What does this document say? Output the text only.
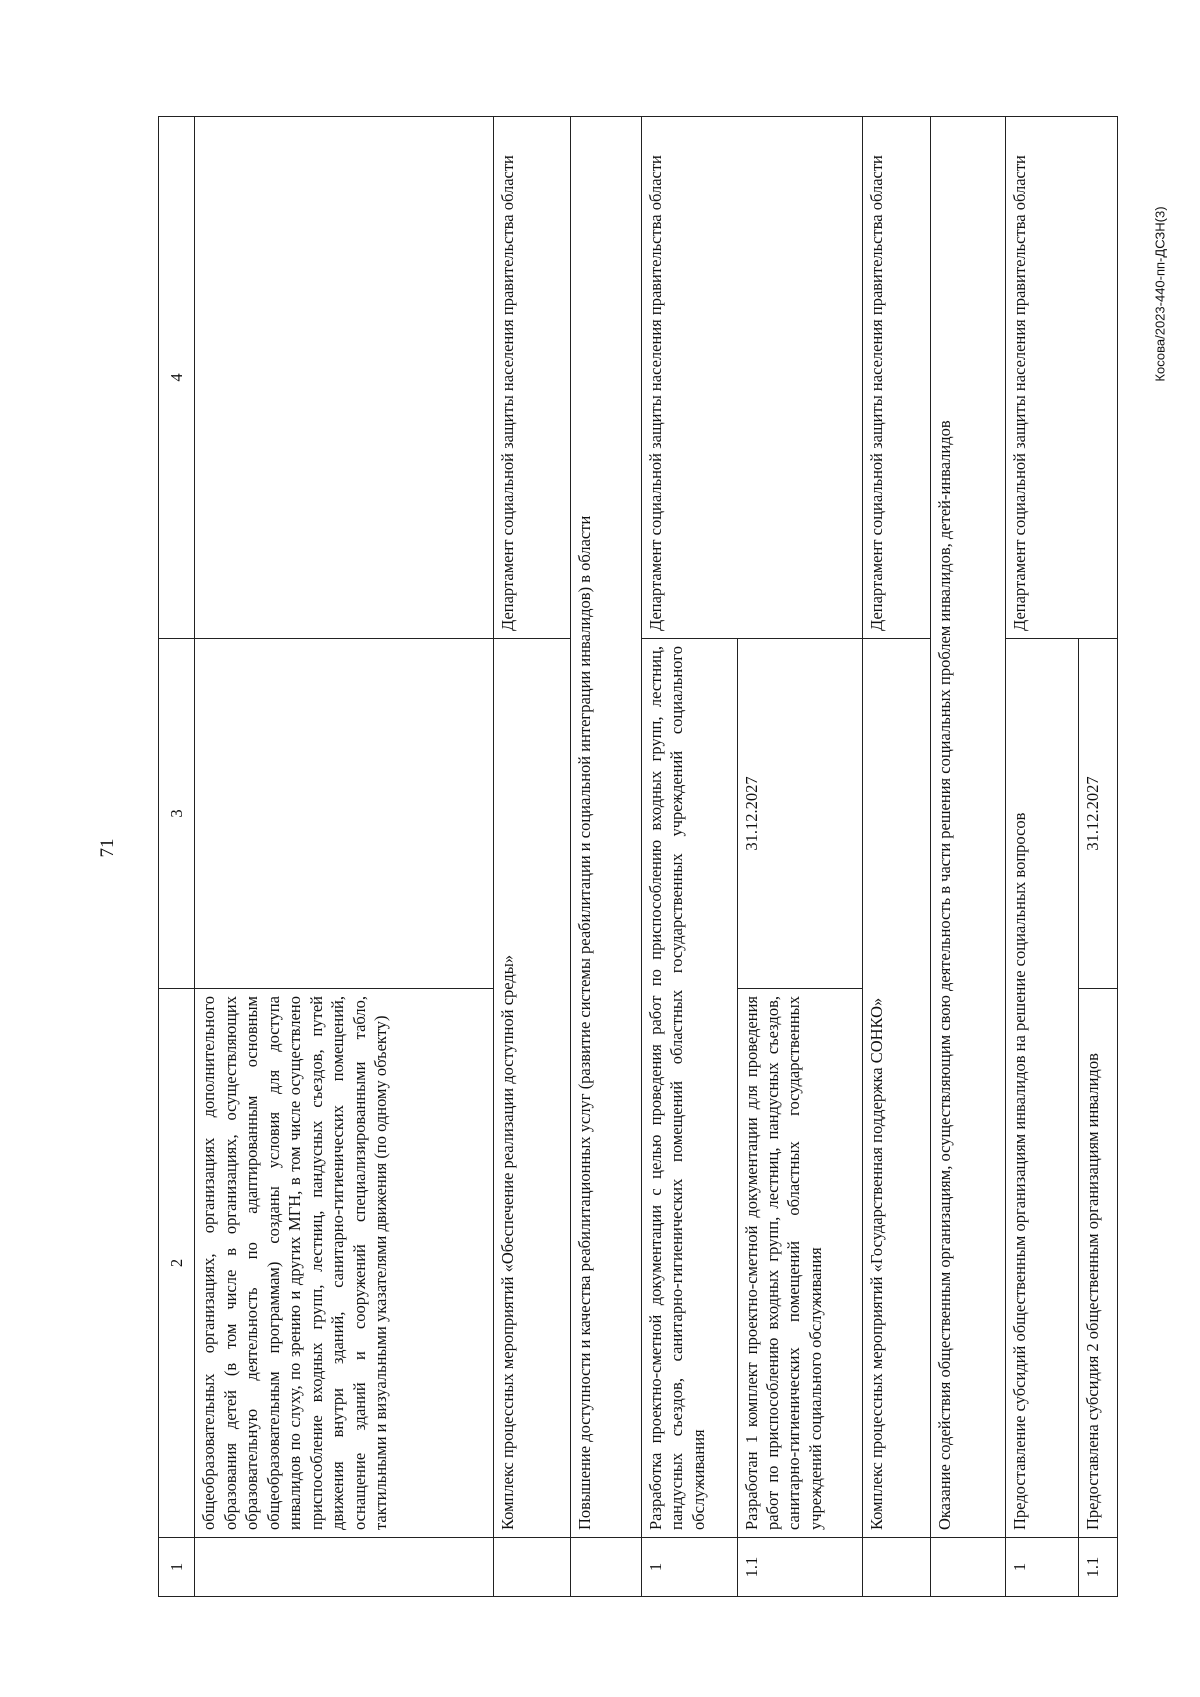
71
Косова/2023-440-пп-ДСЗН(3)
1	2	3	4
	общеобразовательных организациях, организациях дополнительного образования детей (в том числе в организациях, осуществляющих образовательную деятельность по адаптированным основным общеобразовательным программам) созданы условия для доступа инвалидов по слуху, по зрению и других МГН, в том числе осуществлено приспособление входных групп, лестниц, пандусных съездов, путей движения внутри зданий, санитарно-гигиенических помещений, оснащение зданий и сооружений специализированными табло, тактильными и визуальными указателями движения (по одному объекту)		
	Комплекс процессных мероприятий «Обеспечение реализации доступной среды»		Департамент социальной защиты населения правительства области
	Повышение доступности и качества реабилитационных услуг (развитие системы реабилитации и социальной интеграции инвалидов) в области		
1	Разработка проектно-сметной документации с целью проведения работ по приспособлению входных групп, лестниц, пандусных съездов, санитарно-гигиенических помещений областных государственных учреждений социального обслуживания		Департамент социальной защиты населения правительства области
1.1	Разработан 1 комплект проектно-сметной документации для проведения работ по приспособлению входных групп, лестниц, пандусных съездов, санитарно-гигиенических помещений областных государственных учреждений социального обслуживания	31.12.2027	
	Комплекс процессных мероприятий «Государственная поддержка СОНКО»		Департамент социальной защиты населения правительства области
	Оказание содействия общественным организациям, осуществляющим свою деятельность в части решения социальных проблем инвалидов, детей-инвалидов		
1	Предоставление субсидий общественным организациям инвалидов на решение социальных вопросов		Департамент социальной защиты населения правительства области
1.1	Предоставлена субсидия 2 общественным организациям инвалидов	31.12.2027	
